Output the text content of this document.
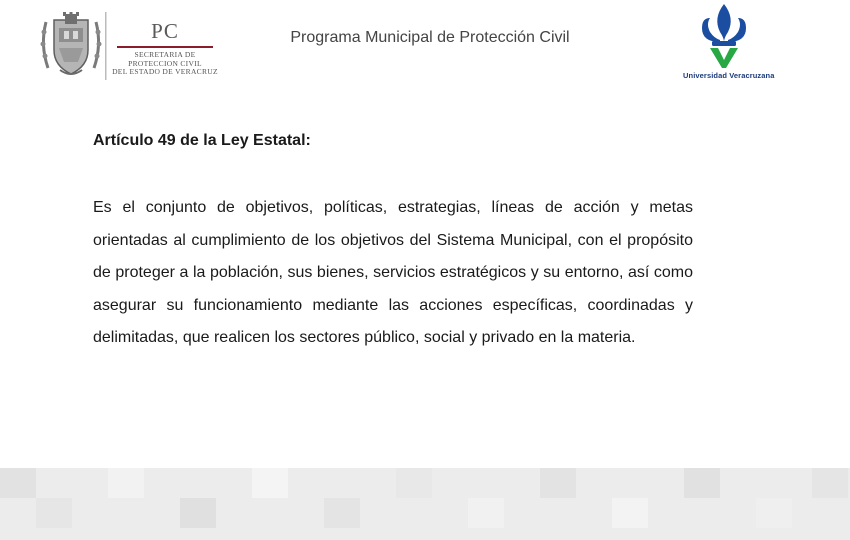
PC
SECRETARIA DE
PROTECCION CIVIL
DEL ESTADO DE VERACRUZ
Programa Municipal de Protección Civil
Universidad Veracruzana

Artículo 49 de la Ley Estatal:

Es el conjunto de objetivos, políticas, estrategias, líneas de acción y metas orientadas al cumplimiento de los objetivos del Sistema Municipal, con el propósito de proteger a la población, sus bienes, servicios estratégicos y su entorno, así como asegurar su funcionamiento mediante las acciones específicas, coordinadas y delimitadas, que realicen los sectores público, social y privado en la materia.
